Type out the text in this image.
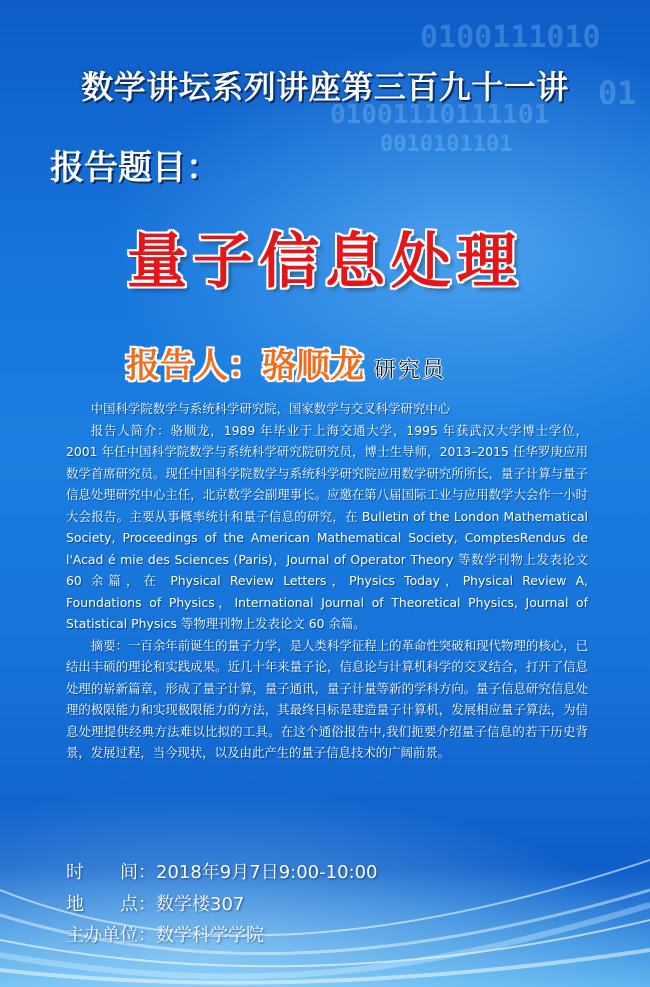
0100111010
01001110111101
0010101101
01
数学讲坛系列讲座第三百九十一讲
报告题目：
量子信息处理
报告人：骆顺龙 研究员

中国科学院数学与系统科学研究院，国家数学与交叉科学研究中心

报告人简介：骆顺龙，1989 年毕业于上海交通大学，1995 年获武汉大学博士学位，2001 年任中国科学院数学与系统科学研究院研究员，博士生导师，2013–2015 任华罗庚应用数学首席研究员。现任中国科学院数学与系统科学研究院应用数学研究所所长，量子计算与量子信息处理研究中心主任，北京数学会副理事长。应邀在第八届国际工业与应用数学大会作一小时大会报告。主要从事概率统计和量子信息的研究，在 Bulletin of the London Mathematical Society, Proceedings of the American Mathematical Society, ComptesRendus de l'Acad é mie des Sciences (Paris)，Journal of Operator Theory 等数学刊物上发表论文 60 余篇，在 Physical Review Letters，Physics Today，Physical Review A, Foundations of Physics，International Journal of Theoretical Physics, Journal of Statistical Physics 等物理刊物上发表论文 60 余篇。

摘要：一百余年前诞生的量子力学，是人类科学征程上的革命性突破和现代物理的核心，已结出丰硕的理论和实践成果。近几十年来量子论，信息论与计算机科学的交叉结合，打开了信息处理的崭新篇章，形成了量子计算，量子通讯，量子计量等新的学科方向。量子信息研究信息处理的极限能力和实现极限能力的方法，其最终目标是建造量子计算机，发展相应量子算法，为信息处理提供经典方法难以比拟的工具。在这个通俗报告中,我们扼要介绍量子信息的若干历史背景，发展过程，当今现状，以及由此产生的量子信息技术的广阔前景。

时　　间：2018年9月7日9:00-10:00
地　　点：数学楼307
主办单位：数学科学学院
